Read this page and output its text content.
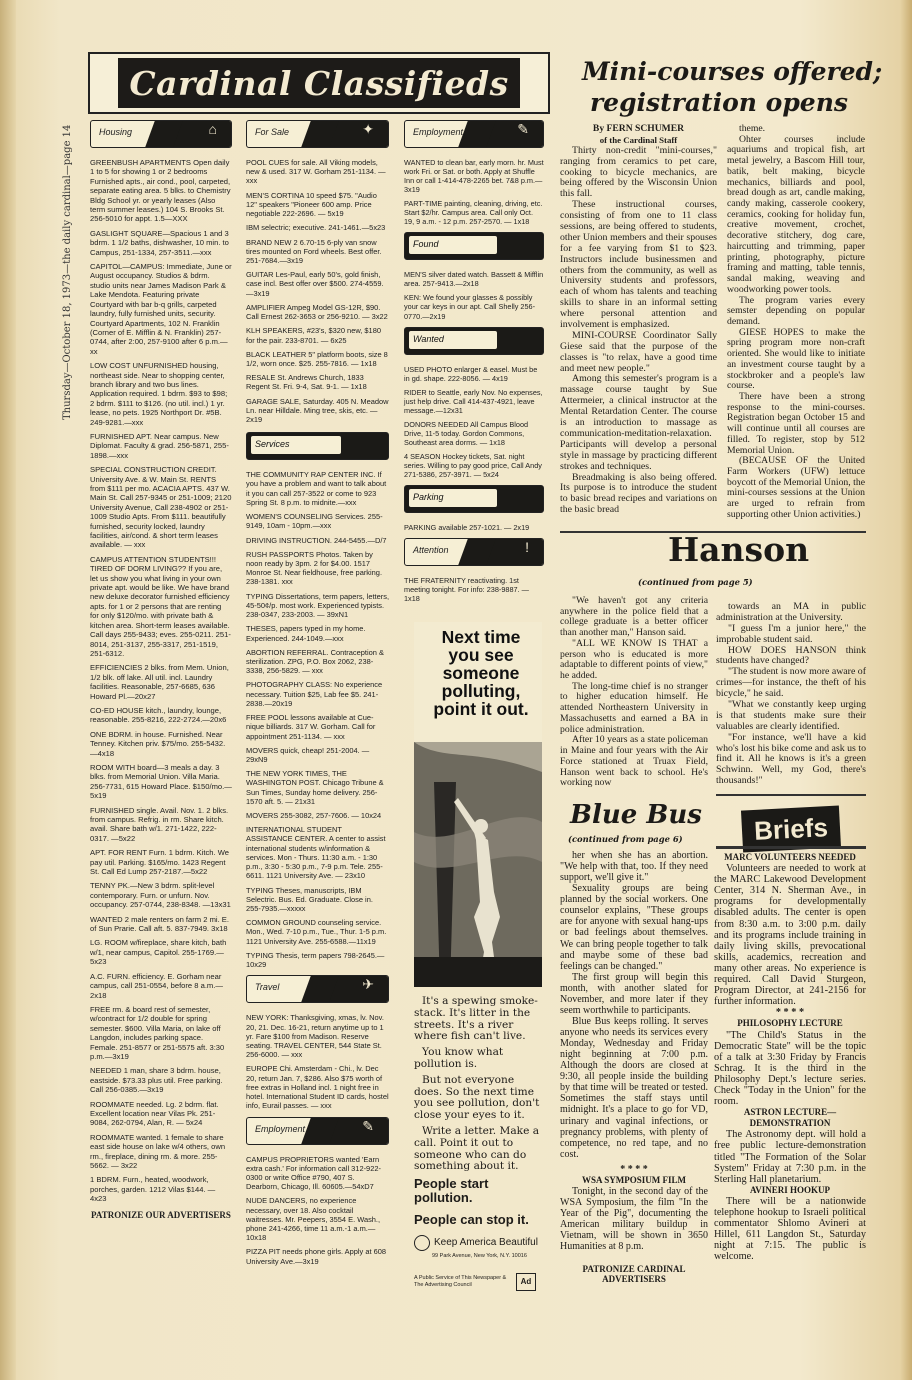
Thursday—October 18, 1973—the daily cardinal—page 14
Cardinal Classifieds
Housing	⌂

GREENBUSH APARTMENTS Open daily 1 to 5 for showing 1 or 2 bedrooms Furnished apts., air cond., pool, carpeted, separate eating area. 5 blks. to Chemistry Bldg School yr. or yearly leases (Also term summer leases.) 104 S. Brooks St. 256-5010 for appt. 1.5—XXX

GASLIGHT SQUARE—Spacious 1 and 3 bdrm. 1 1/2 baths, dishwasher, 10 min. to Campus, 251-1334, 257-3511.—xxx

CAPITOL—CAMPUS: Immediate, June or August occupancy. Studios & bdrm. studio units near James Madison Park & Lake Mendota. Featuring private Courtyard with bar b-q grills, carpeted laundry, fully furnished units, security. Courtyard Apartments, 102 N. Franklin (Corner of E. Mifflin & N. Franklin) 257-0744, after 2:00, 257-9100 after 6 p.m.—xx

LOW COST UNFURNISHED housing, northeast side. Near to shopping center, branch library and two bus lines. Application required. 1 bdrm. $93 to $98; 2 bdrm. $111 to $126. (no util. incl.) 1 yr. lease, no pets. 1925 Northport Dr. #5B. 249-9281.—xxx

FURNISHED APT. Near campus. New Diplomat. Faculty & grad. 256-5871, 255-1898.—xxx

SPECIAL CONSTRUCTION CREDIT. University Ave. & W. Main St. RENTS from $111 per mo. ACACIA APTS. 437 W. Main St. Call 257-9345 or 251-1009; 2120 University Avenue, Call 238-4902 or 251-1009 Studio Apts. From $111. beautifully furnished, security locked, laundry facilities, air/cond. & short term leases available. — xxx

CAMPUS ATTENTION STUDENTS!!! TIRED OF DORM LIVING?? If you are, let us show you what living in your own private apt. would be like. We have brand new deluxe decorator furnished efficiency apts. for 1 or 2 persons that are renting for only $120/mo. with private bath & kitchen area. Short-term leases available. Call days 255-9433; eves. 255-0211. 251-8014, 251-3137, 255-3317, 251-1519, 251-6312.

EFFICIENCIES 2 blks. from Mem. Union, 1/2 blk. off lake. All util. incl. Laundry facilities. Reasonable, 257-6685, 636 Howard Pl.—20x27

CO-ED HOUSE kitch., laundry, lounge, reasonable. 255-8216, 222-2724.—20x6

ONE BDRM. in house. Furnished. Near Tenney. Kitchen priv. $75/mo. 255-5432.—4x18

ROOM WITH board—3 meals a day. 3 blks. from Memorial Union. Villa Maria. 256-7731, 615 Howard Place. $150/mo.—5x19

FURNISHED single. Avail. Nov. 1. 2 blks. from campus. Refrig. in rm. Share kitch. avail. Share bath w/1. 271-1422, 222-0317. —5x22

APT. FOR RENT Furn. 1 bdrm. Kitch. We pay util. Parking. $165/mo. 1423 Regent St. Call Ed Lump 257-2187.—5x22

TENNY PK.—New 3 bdrm. split-level contemporary. Furn. or unfurn. Nov. occupancy. 257-0744, 238-8348. —13x31

WANTED 2 male renters on farm 2 mi. E. of Sun Prarie. Call aft. 5. 837-7949. 3x18

LG. ROOM w/fireplace, share kitch, bath w/1, near campus, Capitol. 255-1769.—5x23

A.C. FURN. efficiency. E. Gorham near campus, call 251-0554, before 8 a.m.—2x18

FREE rm. & board rest of semester, w/contract for 1/2 double for spring semester. $600. Villa Maria, on lake off Langdon, includes parking space. Female. 251-8577 or 251-5575 aft. 3:30 p.m.—3x19

NEEDED 1 man, share 3 bdrm. house, eastside. $73.33 plus util. Free parking. Call 256-0385.—3x19

ROOMMATE needed. Lg. 2 bdrm. flat. Excellent location near Vilas Pk. 251-9084, 262-0794, Alan, R. — 5x24

ROOMMATE wanted. 1 female to share east side house on lake w/4 others, own rm., fireplace, dining rm. & more. 255-5662. — 3x22

1 BDRM. Furn., heated, woodwork, porches, garden. 1212 Vilas $144. — 4x23

PATRONIZE OUR ADVERTISERS

For Sale	✦

POOL CUES for sale. All Viking models, new & used. 317 W. Gorham 251-1134. — xxx

MEN'S CORTINA 10 speed $75. "Audio 12" speakers "Pioneer 600 amp. Price negotiable 222-2696. — 5x19

IBM selectric; executive. 241-1461.—5x23

BRAND NEW 2 6.70-15 6-ply van snow tires mounted on Ford wheels. Best offer. 251-7684.—3x19

GUITAR Les-Paul, early 50's, gold finish, case incl. Best offer over $500. 274-4559.—3x19

AMPLIFIER Ampeg Model GS-12R, $90. Call Ernest 262-3653 or 256-9210. — 3x22

KLH SPEAKERS, #23's, $320 new, $180 for the pair. 233-8701. — 6x25

BLACK LEATHER 5" platform boots, size 8 1/2, worn once. $25. 255-7816. — 1x18

RESALE St. Andrews Church, 1833 Regent St. Fri. 9-4, Sat. 9-1. — 1x18

GARAGE SALE, Saturday. 405 N. Meadow Ln. near Hilldale. Ming tree, skis, etc. — 2x19

Services

THE COMMUNITY RAP CENTER INC. If you have a problem and want to talk about it you can call 257-3522 or come to 923 Spring St. 8 p.m. to midnite.—xxx

WOMEN'S COUNSELING Services. 255-9149, 10am - 10pm.—xxx

DRIVING INSTRUCTION. 244-5455.—D/7

RUSH PASSPORTS Photos. Taken by noon ready by 3pm. 2 for $4.00. 1517 Monroe St. Near fieldhouse, free parking. 238-1381. xxx

TYPING Dissertations, term papers, letters, 45-50¢/p. most work. Experienced typists. 238-0347, 233-2003. — 39xN1

THESES, papers typed in my home. Experienced. 244-1049.—xxx

ABORTION REFERRAL. Contraception & sterilization. ZPG, P.O. Box 2062, 238-3338, 256-5829. — xxx

PHOTOGRAPHY CLASS: No experience necessary. Tuition $25, Lab fee $5. 241-2838.—20x19

FREE POOL lessons available at Cue-nique billiards. 317 W. Gorham. Call for appointment 251-1134. — xxx

MOVERS quick, cheap! 251-2004. — 29xN9

THE NEW YORK TIMES, THE WASHINGTON POST. Chicago Tribune & Sun Times, Sunday home delivery. 256-1570 aft. 5. — 21x31

MOVERS 255-3082, 257-7606. — 10x24

INTERNATIONAL STUDENT ASSISTANCE CENTER. A center to assist international students w/information & services. Mon - Thurs. 11:30 a.m. - 1:30 p.m., 3:30 - 5:30 p.m., 7-9 p.m. Tele. 255-6611. 1121 University Ave. — 23x10

TYPING Theses, manuscripts, IBM Selectric. Bus. Ed. Graduate. Close in. 255-7935.—xxxxx

COMMON GROUND counseling service. Mon., Wed. 7-10 p.m., Tue., Thur. 1-5 p.m. 1121 University Ave. 255-6588.—11x19

TYPING Thesis, term papers 798-2645.—10x29

Travel	✈

NEW YORK: Thanksgiving, xmas, lv. Nov. 20, 21. Dec. 16-21, return anytime up to 1 yr. Fare $100 from Madison. Reserve seating. TRAVEL CENTER, 544 State St. 256-6000. — xxx

EUROPE Chi. Amsterdam - Chi., lv. Dec 20, return Jan. 7, $286. Also $75 worth of free extras in Holland incl. 1 night free in hotel. International Student ID cards, hostel info, Eurail passes. — xxx

Employment	✎

CAMPUS PROPRIETORS wanted 'Earn extra cash.' For information call 312-922-0300 or write Office #790, 407 S. Dearborn, Chicago, Ill. 60605.—54xD7

NUDE DANCERS, no experience necessary, over 18. Also cocktail waitresses. Mr. Peepers, 3554 E. Wash., phone 241-4266, time 11 a.m.-1 a.m.—10x18

PIZZA PIT needs phone girls. Apply at 608 University Ave.—3x19

Employment	✎

WANTED to clean bar, early morn. hr. Must work Fri. or Sat. or both. Apply at Shuffle Inn or call 1-414-478-2265 bet. 7&8 p.m.—3x19

PART-TIME painting, cleaning, driving, etc. Start $2/hr. Campus area. Call only Oct. 19, 9 a.m. - 12 p.m. 257-2570. — 1x18

Found

MEN'S silver dated watch. Bassett & Mifflin area. 257-9413.—2x18

KEN: We found your glasses & possibly your car keys in our apt. Call Shelly 256-0770.—2x19

Wanted

USED PHOTO enlarger & easel. Must be in gd. shape. 222-8056. — 4x19

RIDER to Seattle, early Nov. No expenses, just help drive. Call 414-437-4921, leave message.—12x31

DONORS NEEDED All Campus Blood Drive, 11-5 today. Gordon Commons, Southeast area dorms. — 1x18

4 SEASON Hockey tickets, Sat. night series. Willing to pay good price, Call Andy 271-5386, 257-3971. — 5x24

Parking

PARKING available 257-1021. — 2x19

Attention	!

THE FRATERNITY reactivating. 1st meeting tonight. For info: 238-9887. — 1x18

Next time you see someone polluting, point it out.

It's a spewing smoke-stack. It's litter in the streets. It's a river where fish can't live.

You know what pollution is.

But not everyone does. So the next time you see pollution, don't close your eyes to it.

Write a letter. Make a call. Point it out to someone who can do something about it.

People start pollution.
People can stop it.
Keep America Beautiful
99 Park Avenue, New York, N.Y. 10016
A Public Service of This Newspaper & The Advertising Council	Ad
Mini-courses offered;
registration opens

By FERN SCHUMER

of the Cardinal Staff

Thirty non-credit "mini-courses," ranging from ceramics to pet care, cooking to bicycle mechanics, are being offered by the Wisconsin Union this fall.

These instructional courses, consisting of from one to 11 class sessions, are being offered to students, other Union members and their spouses for a fee varying from $1 to $23. Instructors include businessmen and others from the community, as well as University students and professors, each of whom has talents and teaching skills to share in an informal setting where personal attention and involvement is emphasized.

MINI-COURSE Coordinator Sally Giese said that the purpose of the classes is "to relax, have a good time and meet new people."

Among this semester's program is a massage course taught by Sue Attermeier, a clinical instructor at the Mental Retardation Center. The course is an introduction to massage as communication-meditation-relaxation. Participants will develop a personal style in massage by practicing different strokes and techniques.

Breadmaking is also being offered. Its purpose is to introduce the student to basic bread recipes and variations on the basic bread

theme.

Ohter courses include aquariums and tropical fish, art metal jewelry, a Bascom Hill tour, batik, belt making, bicycle mechanics, billiards and pool, bread dough as art, candle making, candy making, casserole cookery, ceramics, cooking for holiday fun, creative movement, crochet, decorative stitchery, dog care, haircutting and trimming, paper printing, photography, picture framing and matting, table tennis, sandal making, weaving and woodworking power tools.

The program varies every semster depending on popular demand.

GIESE HOPES to make the spring program more non-craft oriented. She would like to initiate an investment course taught by a stockbroker and a people's law course.

There have been a strong response to the mini-courses. Registration began October 15 and will continue until all courses are filled. To register, stop by 512 Memorial Union.

(BECAUSE OF the United Farm Workers (UFW) lettuce boycott of the Memorial Union, the mini-courses sessions at the Union are urged to refrain from supporting other Union activities.)

Hanson
(continued from page 5)

"We haven't got any criteria anywhere in the police field that a college graduate is a better officer than another man," Hanson said.

"ALL WE KNOW IS THAT a person who is educated is more adaptable to different points of view," he added.

The long-time chief is no stranger to higher education himself. He attended Northeastern University in Massachusetts and earned a BA in police administration.

After 10 years as a state policeman in Maine and four years with the Air Force stationed at Truax Field, Hanson went back to school. He's working now

towards an MA in public administration at the University.

"I guess I'm a junior here," the improbable student said.

HOW DOES HANSON think students have changed?

"The student is now more aware of crimes—for instance, the theft of his bicycle," he said.

"What we constantly keep urging is that students make sure their valuables are clearly identified.

"For instance, we'll have a kid who's lost his bike come and ask us to find it. All he knows is it's a green Schwinn. Well, my God, there's thousands!"

Blue Bus
(continued from page 6)

her when she has an abortion. "We help with that, too. If they need support, we'll give it."

Sexuality groups are being planned by the social workers. One counselor explains, "These groups are for anyone with sexual hang-ups or bad feelings about themselves. We can bring people together to talk and maybe some of these bad feelings can be changed."

The first group will begin this month, with another slated for November, and more later if they seem worthwhile to participants.

Blue Bus keeps rolling. It serves anyone who needs its services every Monday, Wednesday and Friday night beginning at 7:00 p.m. Although the doors are closed at 9:30, all people inside the building by that time will be treated or tested. Sometimes the staff stays until midnight. It's a place to go for VD, urinary and vaginal infections, or pregnancy problems, with plenty of competence, no red tape, and no cost.

* * * *

WSA SYMPOSIUM FILM

Tonight, in the second day of the WSA Symposium, the film "In the Year of the Pig", documenting the American military buildup in Vietnam, will be shown in 3650 Humanities at 8 p.m.

PATRONIZE CARDINAL ADVERTISERS

Briefs

MARC VOLUNTEERS NEEDED

Volunteers are needed to work at the MARC Lakewood Development Center, 314 N. Sherman Ave., in programs for developmentally disabled adults. The center is open from 8:30 a.m. to 3:00 p.m. daily and its programs include training in daily living skills, prevocational skills, academics, recreation and many other areas. No experience is required. Call David Sturgeon, Program Director, at 241-2156 for further information.

* * * *

PHILOSOPHY LECTURE

"The Child's Status in the Democratic State" will be the topic of a talk at 3:30 Friday by Francis Schrag. It is the third in the Philosophy Dept.'s lecture series. Check "Today in the Union" for the room.

ASTRON LECTURE—DEMONSTRATION

The Astronomy dept. will hold a free public lecture-demonstration titled "The Formation of the Solar System" Friday at 7:30 p.m. in the Sterling Hall planetarium.

AVINERI HOOKUP

There will be a nationwide telephone hookup to Israeli political commentator Shlomo Avineri at Hillel, 611 Langdon St., Saturday night at 7:15. The public is welcome.
